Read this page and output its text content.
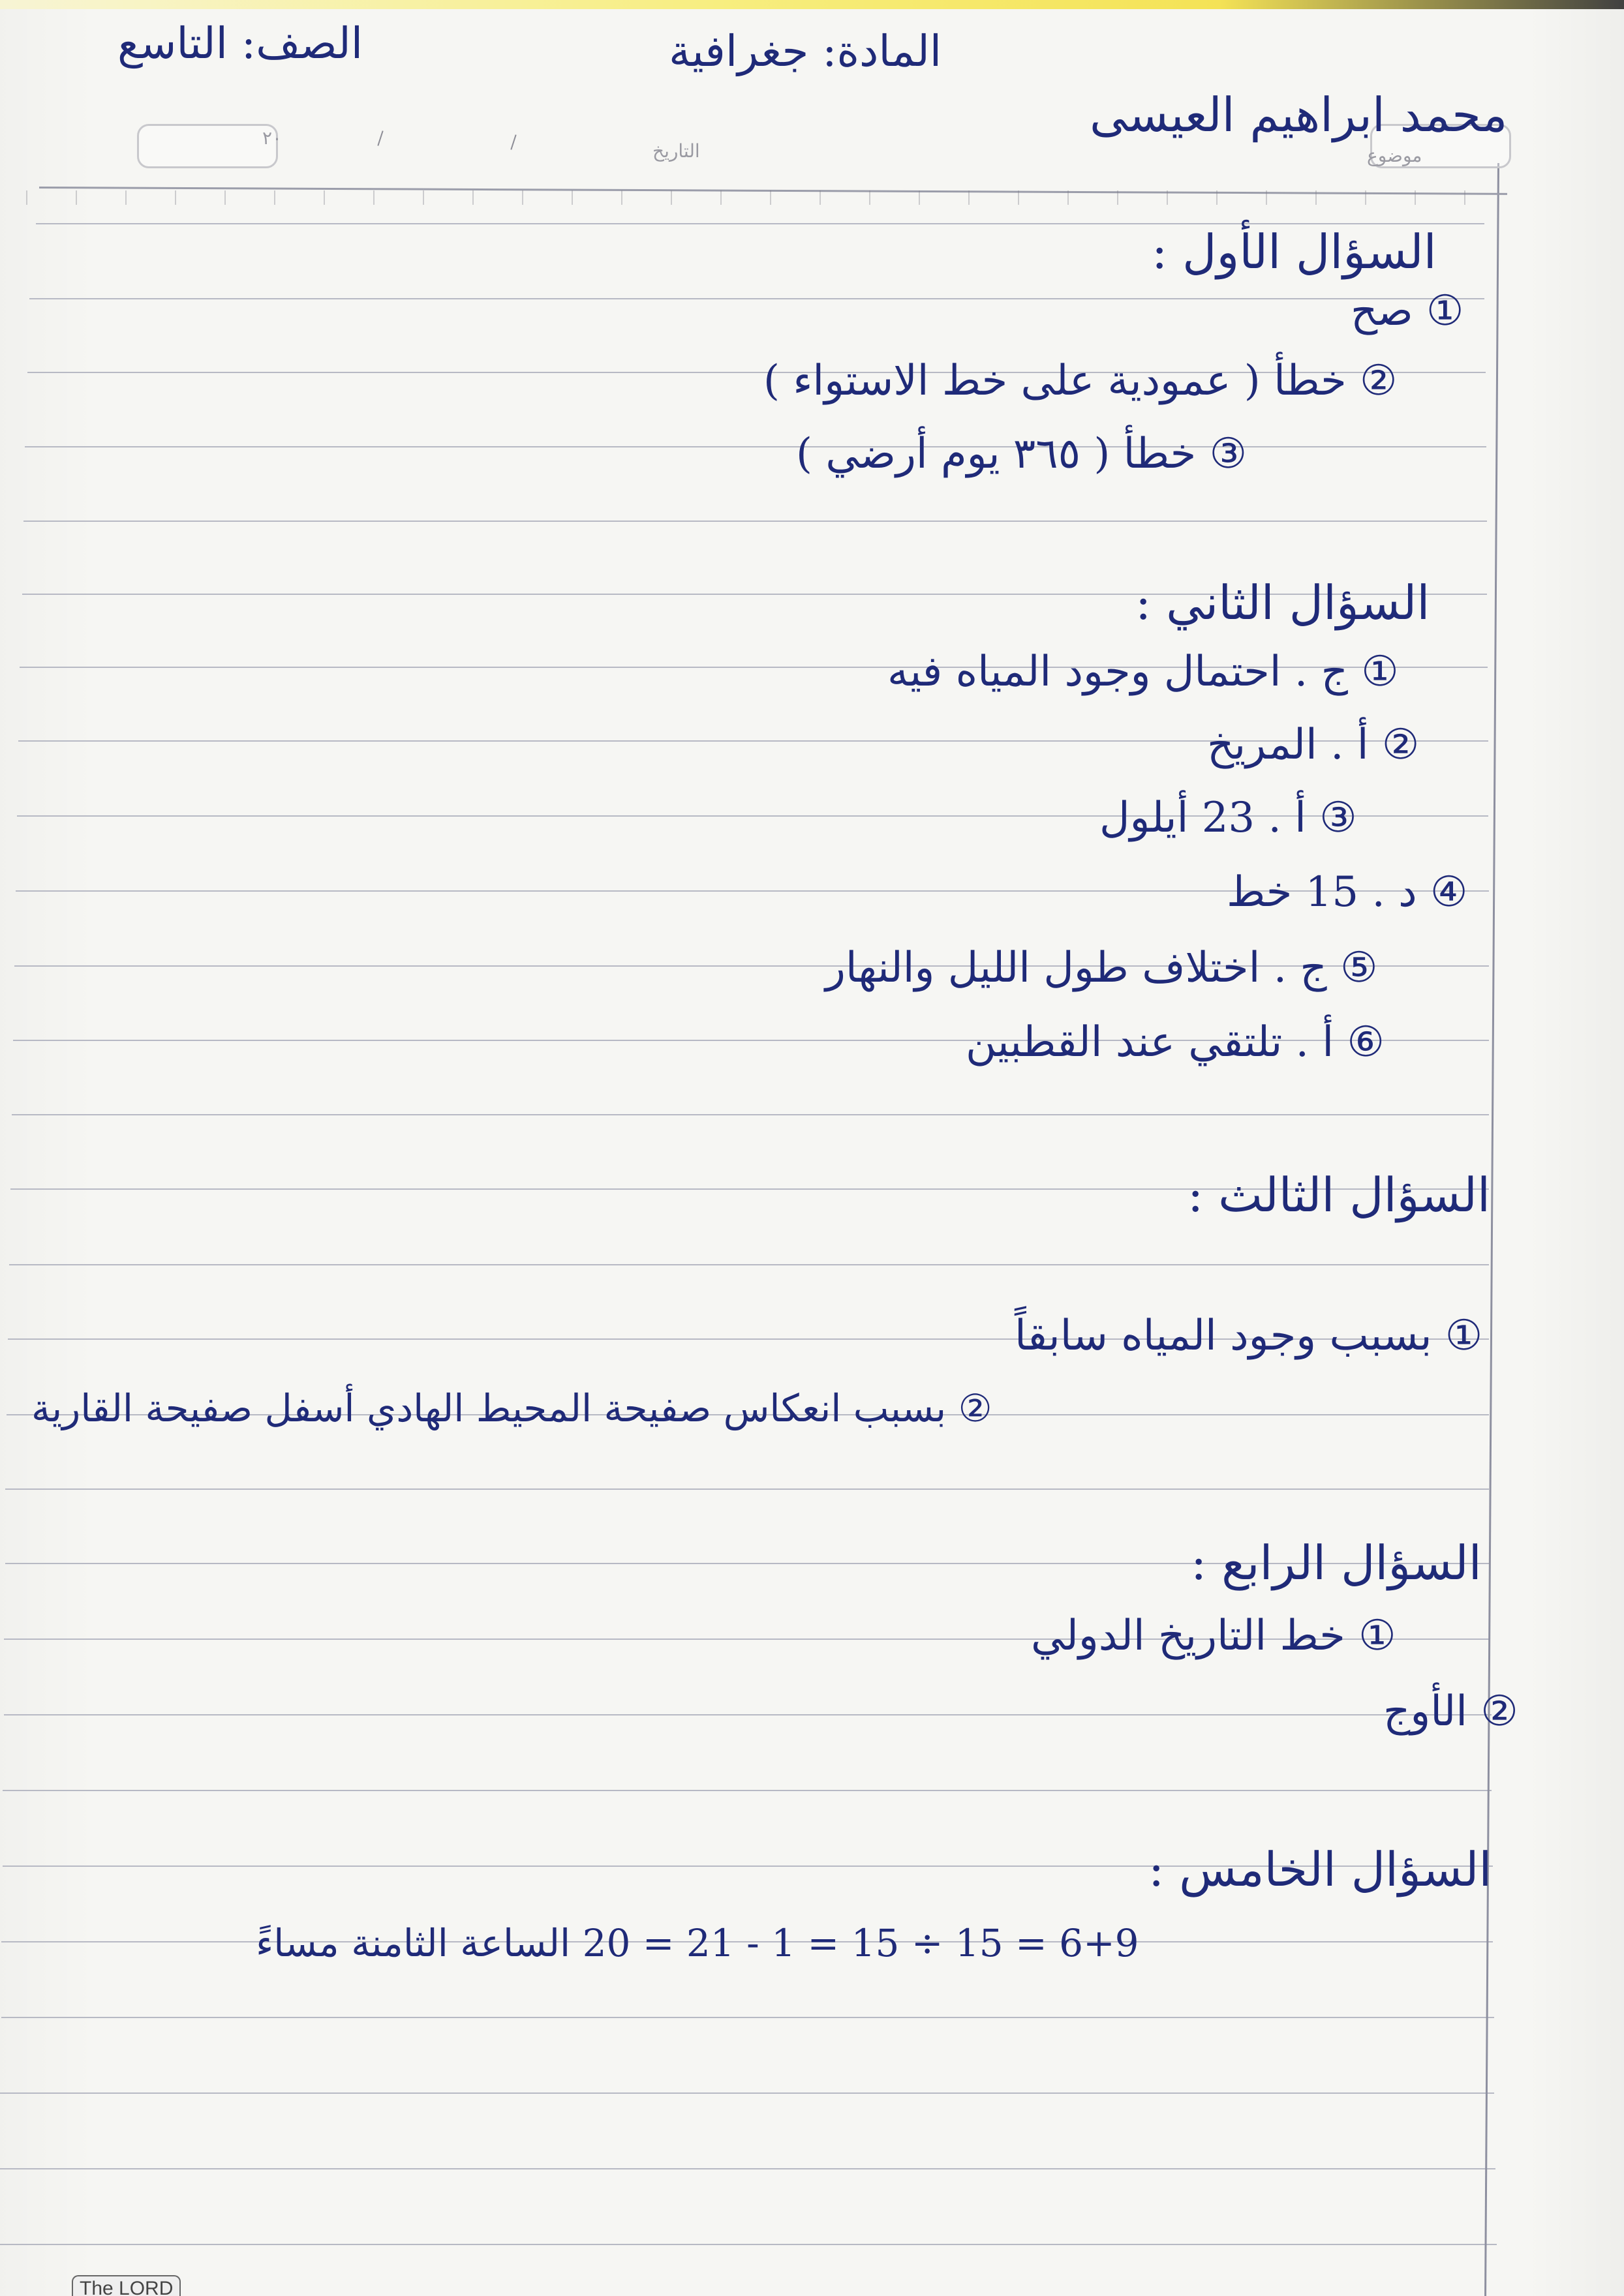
التاريخ	موضوع
٢٠
الصف: التاسع	المادة: جغرافية
محمد ابراهيم العيسى
السؤال الأول :
① صح
② خطأ ( عمودية على خط الاستواء )
③ خطأ ( ٣٦٥ يوم أرضي )
السؤال الثاني :
① ج . احتمال وجود المياه فيه
② أ . المريخ
③ أ . 23 أيلول
④ د . 15 خط
⑤ ج . اختلاف طول الليل والنهار
⑥ أ . تلتقي عند القطبين
السؤال الثالث :
① بسبب وجود المياه سابقاً
② بسبب انعكاس صفيحة المحيط الهادي أسفل صفيحة القارية
السؤال الرابع :
① خط التاريخ الدولي
② الأوج
السؤال الخامس :
6+9 = 15 ÷ 15 = 1 - 21 = 20 الساعة الثامنة مساءً
The LORD
